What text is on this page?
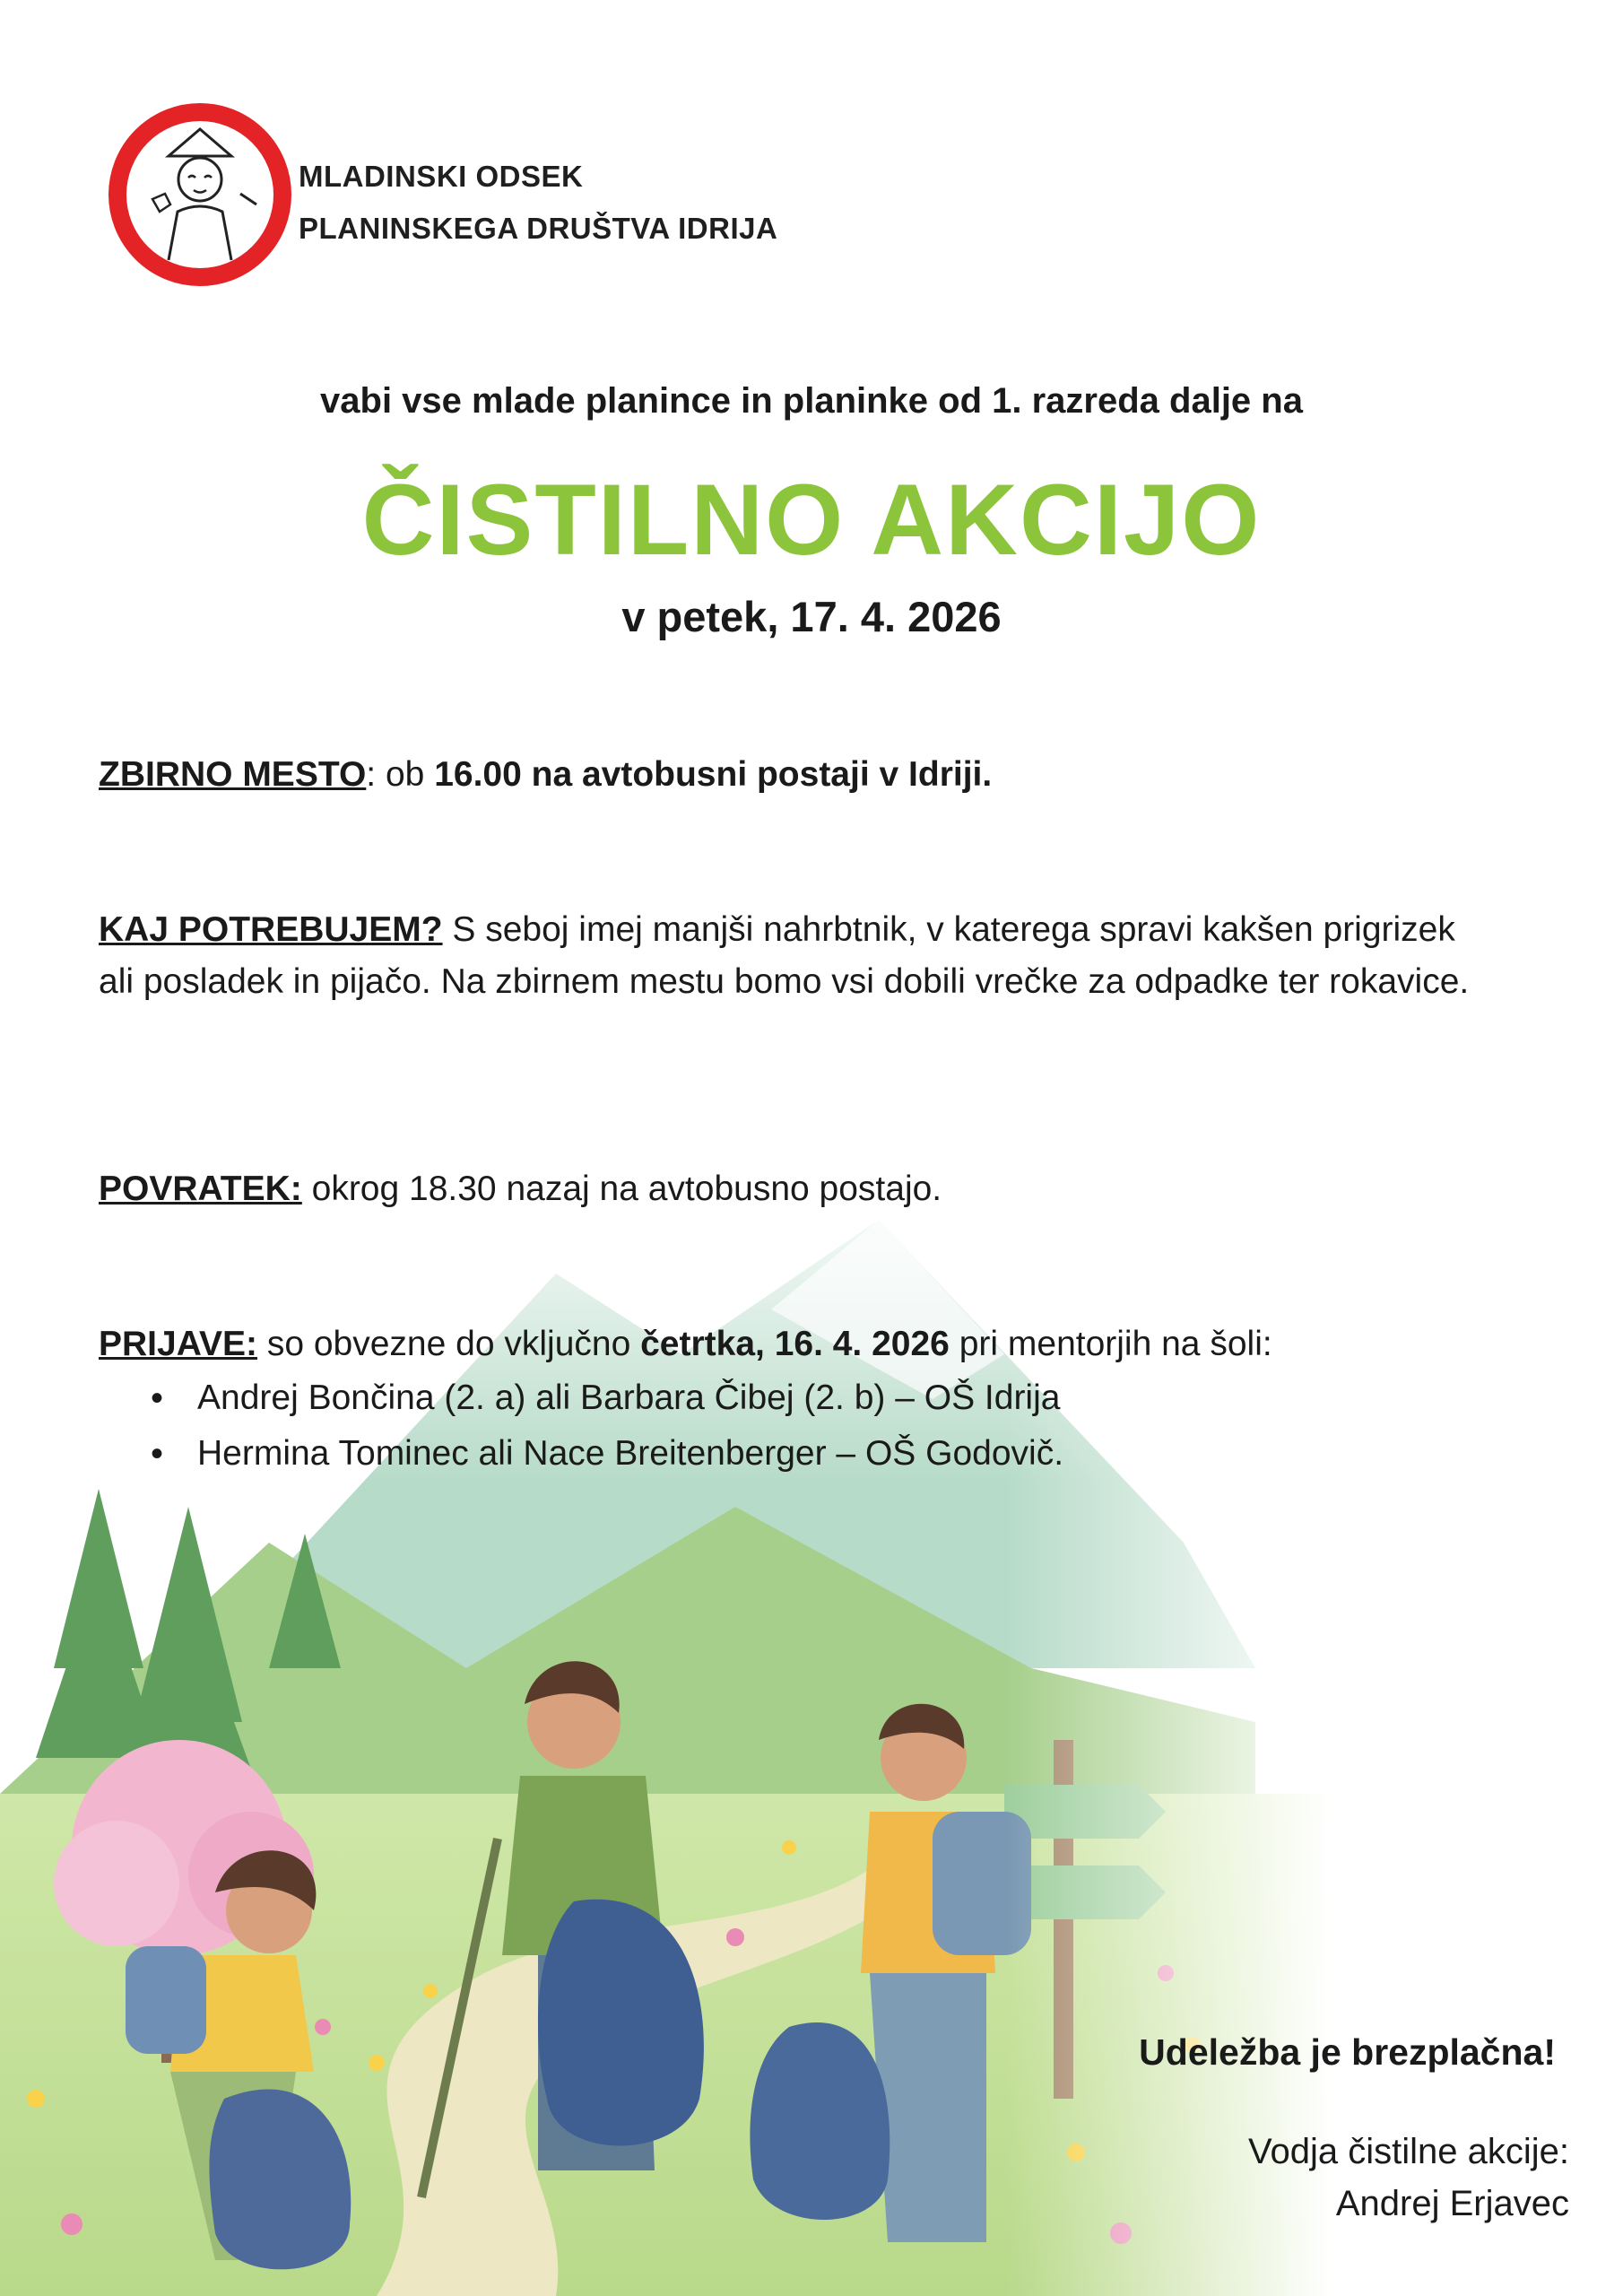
MLADINSKI ODSEK
PLANINSKEGA DRUŠTVA IDRIJA
vabi vse mlade planince in planinke od 1. razreda dalje na
ČISTILNO AKCIJO
v petek, 17. 4. 2026
ZBIRNO MESTO: ob 16.00 na avtobusni postaji v Idriji.
KAJ POTREBUJEM? S seboj imej manjši nahrbtnik, v katerega spravi kakšen prigrizek ali posladek in pijačo. Na zbirnem mestu bomo vsi dobili vrečke za odpadke ter rokavice.
POVRATEK: okrog 18.30 nazaj na avtobusno postajo.
PRIJAVE: so obvezne do vključno četrtka, 16. 4. 2026 pri mentorjih na šoli:
• Andrej Bončina (2. a) ali Barbara Čibej (2. b) – OŠ Idrija
• Hermina Tominec ali Nace Breitenberger – OŠ Godovič.
Udeležba je brezplačna!
Vodja čistilne akcije:
Andrej Erjavec
